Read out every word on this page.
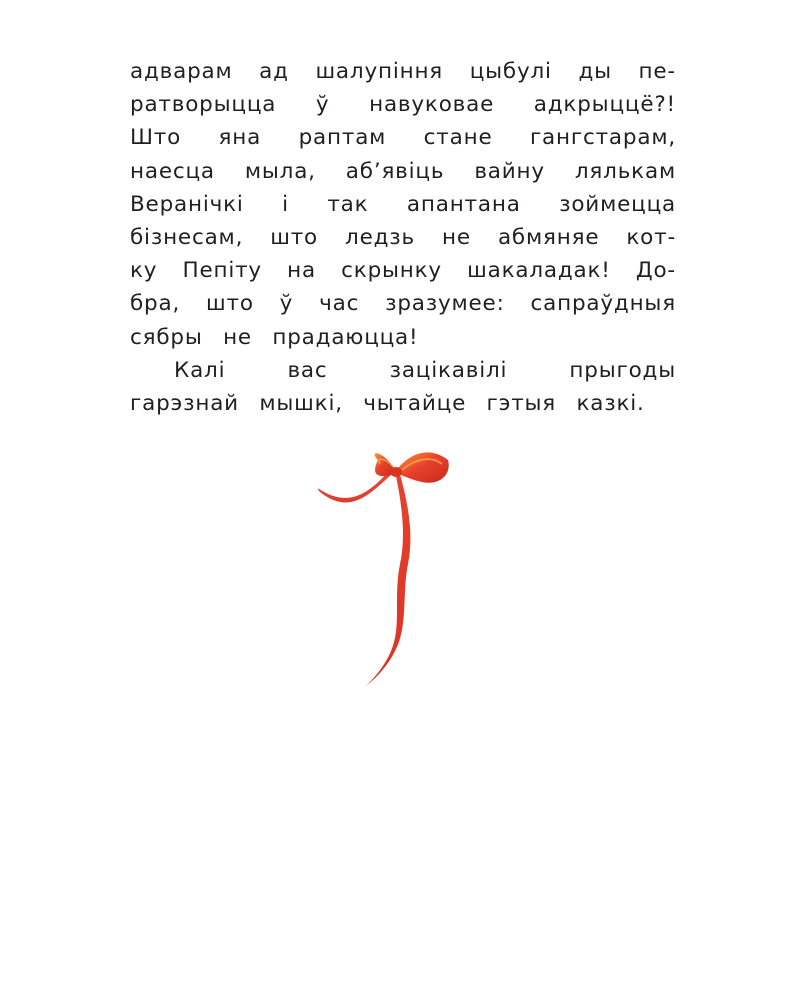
адварам ад шалупіння цыбулі ды пе-
ратворыцца ў навуковае адкрыццё?!
Што яна раптам стане гангстарам,
наесца мыла, аб’явіць вайну лялькам
Веранічкі і так апантана зоймецца
бізнесам, што ледзь не абмяняе кот-
ку Пепіту на скрынку шакаладак! До-
бра, што ў час зразумее: сапраўдныя
сябры не прадаюцца!
Калі	вас	зацікавілі	прыгоды
гарэзнай мышкі, чытайце гэтыя казкі.
